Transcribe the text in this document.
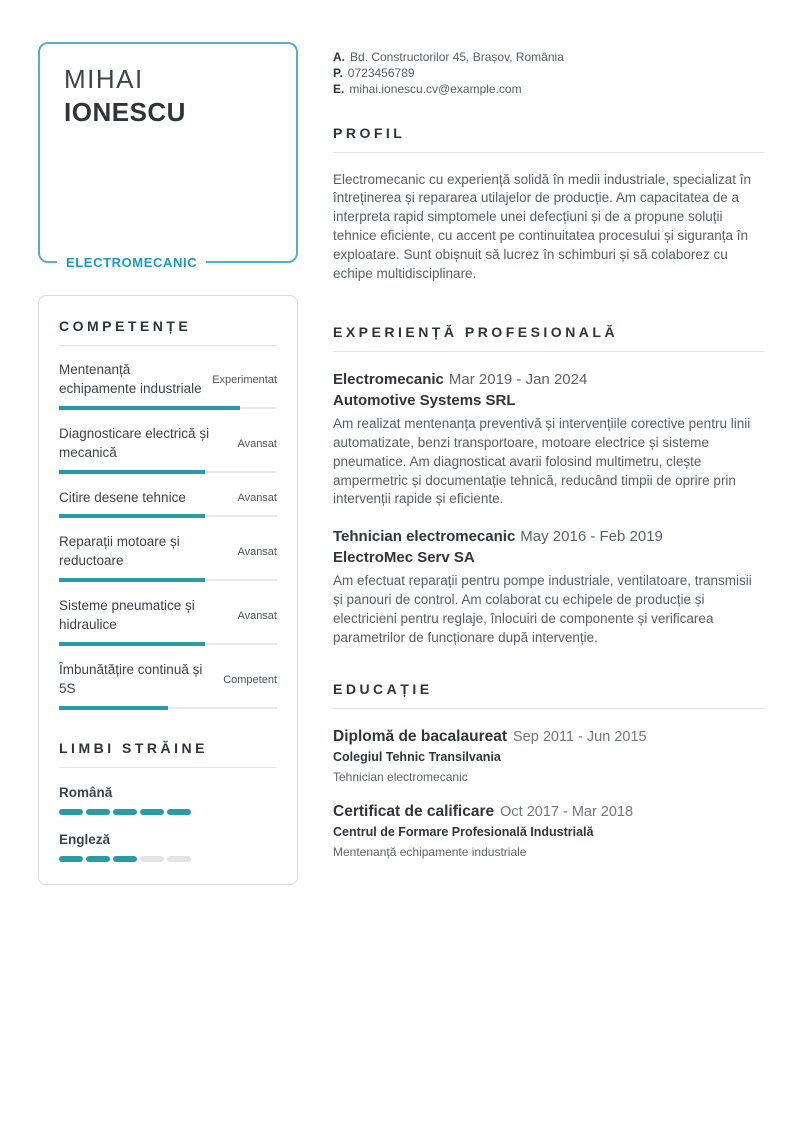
MIHAI
IONESCU
ELECTROMECANIC
COMPETENȚE
Mentenanță echipamente industriale
Experimentat
Diagnosticare electrică și mecanică
Avansat
Citire desene tehnice	Avansat
Reparații motoare și reductoare
Avansat
Sisteme pneumatice și hidraulice
Avansat
Îmbunătățire continuă și 5S
Competent
LIMBI STRĂINE
Română
Engleză
A. Bd. Constructorilor 45, Brașov, România
P. 0723456789
E. mihai.ionescu.cv@example.com
PROFIL

Electromecanic cu experiență solidă în medii industriale, specializat în întreținerea și repararea utilajelor de producție. Am capacitatea de a interpreta rapid simptomele unei defecțiuni și de a propune soluții tehnice eficiente, cu accent pe continuitatea procesului și siguranța în exploatare. Sunt obișnuit să lucrez în schimburi și să colaborez cu echipe multidisciplinare.

EXPERIENȚĂ PROFESIONALĂ
Electromecanic Mar 2019 - Jan 2024
Automotive Systems SRL

Am realizat mentenanța preventivă și intervențiile corective pentru linii automatizate, benzi transportoare, motoare electrice și sisteme pneumatice. Am diagnosticat avarii folosind multimetru, clește ampermetric și documentație tehnică, reducând timpii de oprire prin intervenții rapide și eficiente.

Tehnician electromecanic May 2016 - Feb 2019
ElectroMec Serv SA

Am efectuat reparații pentru pompe industriale, ventilatoare, transmisii și panouri de control. Am colaborat cu echipele de producție și electricieni pentru reglaje, înlocuiri de componente și verificarea parametrilor de funcționare după intervenție.

EDUCAȚIE
Diplomă de bacalaureat Sep 2011 - Jun 2015
Colegiul Tehnic Transilvania
Tehnician electromecanic
Certificat de calificare Oct 2017 - Mar 2018
Centrul de Formare Profesională Industrială
Mentenanță echipamente industriale
